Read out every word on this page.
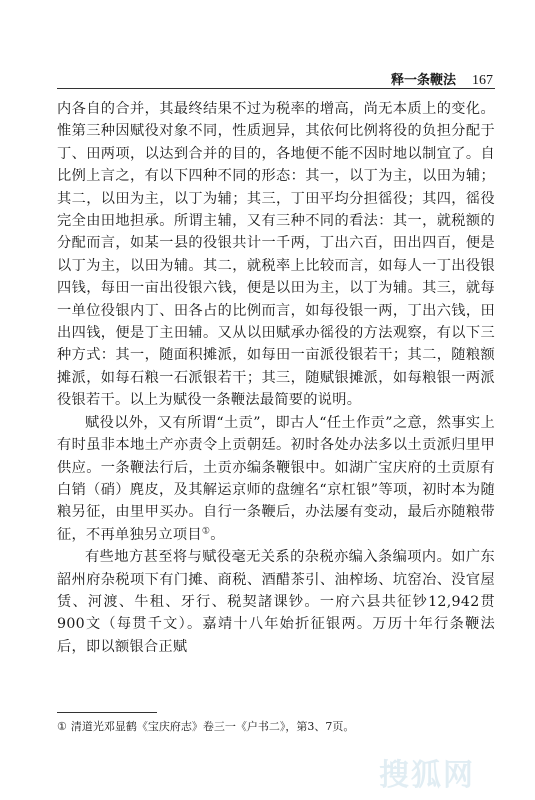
释一条鞭法 167

内各自的合并，其最终结果不过为税率的增高，尚无本质上的变化。惟第三种因赋役对象不同，性质迥异，其依何比例将役的负担分配于丁、田两项，以达到合并的目的，各地便不能不因时地以制宜了。自比例上言之，有以下四种不同的形态：其一，以丁为主，以田为辅；其二，以田为主，以丁为辅；其三，丁田平均分担徭役；其四，徭役完全由田地担承。所谓主辅，又有三种不同的看法：其一，就税额的分配而言，如某一县的役银共计一千两，丁出六百，田出四百，便是以丁为主，以田为辅。其二，就税率上比较而言，如每人一丁出役银四钱，每田一亩出役银六钱，便是以田为主，以丁为辅。其三，就每一单位役银内丁、田各占的比例而言，如每役银一两，丁出六钱，田出四钱，便是丁主田辅。又从以田赋承办徭役的方法观察，有以下三种方式：其一，随面积摊派，如每田一亩派役银若干；其二，随粮额摊派，如每石粮一石派银若干；其三，随赋银摊派，如每粮银一两派役银若干。以上为赋役一条鞭法最简要的说明。

赋役以外，又有所谓“土贡”，即古人“任土作贡”之意，然事实上有时虽非本地土产亦责令上贡朝廷。初时各处办法多以土贡派归里甲供应。一条鞭法行后，土贡亦编条鞭银中。如湖广宝庆府的土贡原有白销（硝）麂皮，及其解运京师的盘缠名“京杠银”等项，初时本为随粮另征，由里甲买办。自行一条鞭后，办法屡有变动，最后亦随粮带征，不再单独另立项目①。

有些地方甚至将与赋役毫无关系的杂税亦编入条编项内。如广东韶州府杂税项下有门摊、商税、酒醋茶引、油榨场、坑窑冶、没官屋赁、河渡、牛租、牙行、税契諸课钞。一府六县共征钞12,942贯900文（每贯千文）。嘉靖十八年始折征银两。万历十年行条鞭法后，即以额银合正赋

① 清道光邓显鹤《宝庆府志》卷三一《户书二》，第3、7页。
搜狐网
